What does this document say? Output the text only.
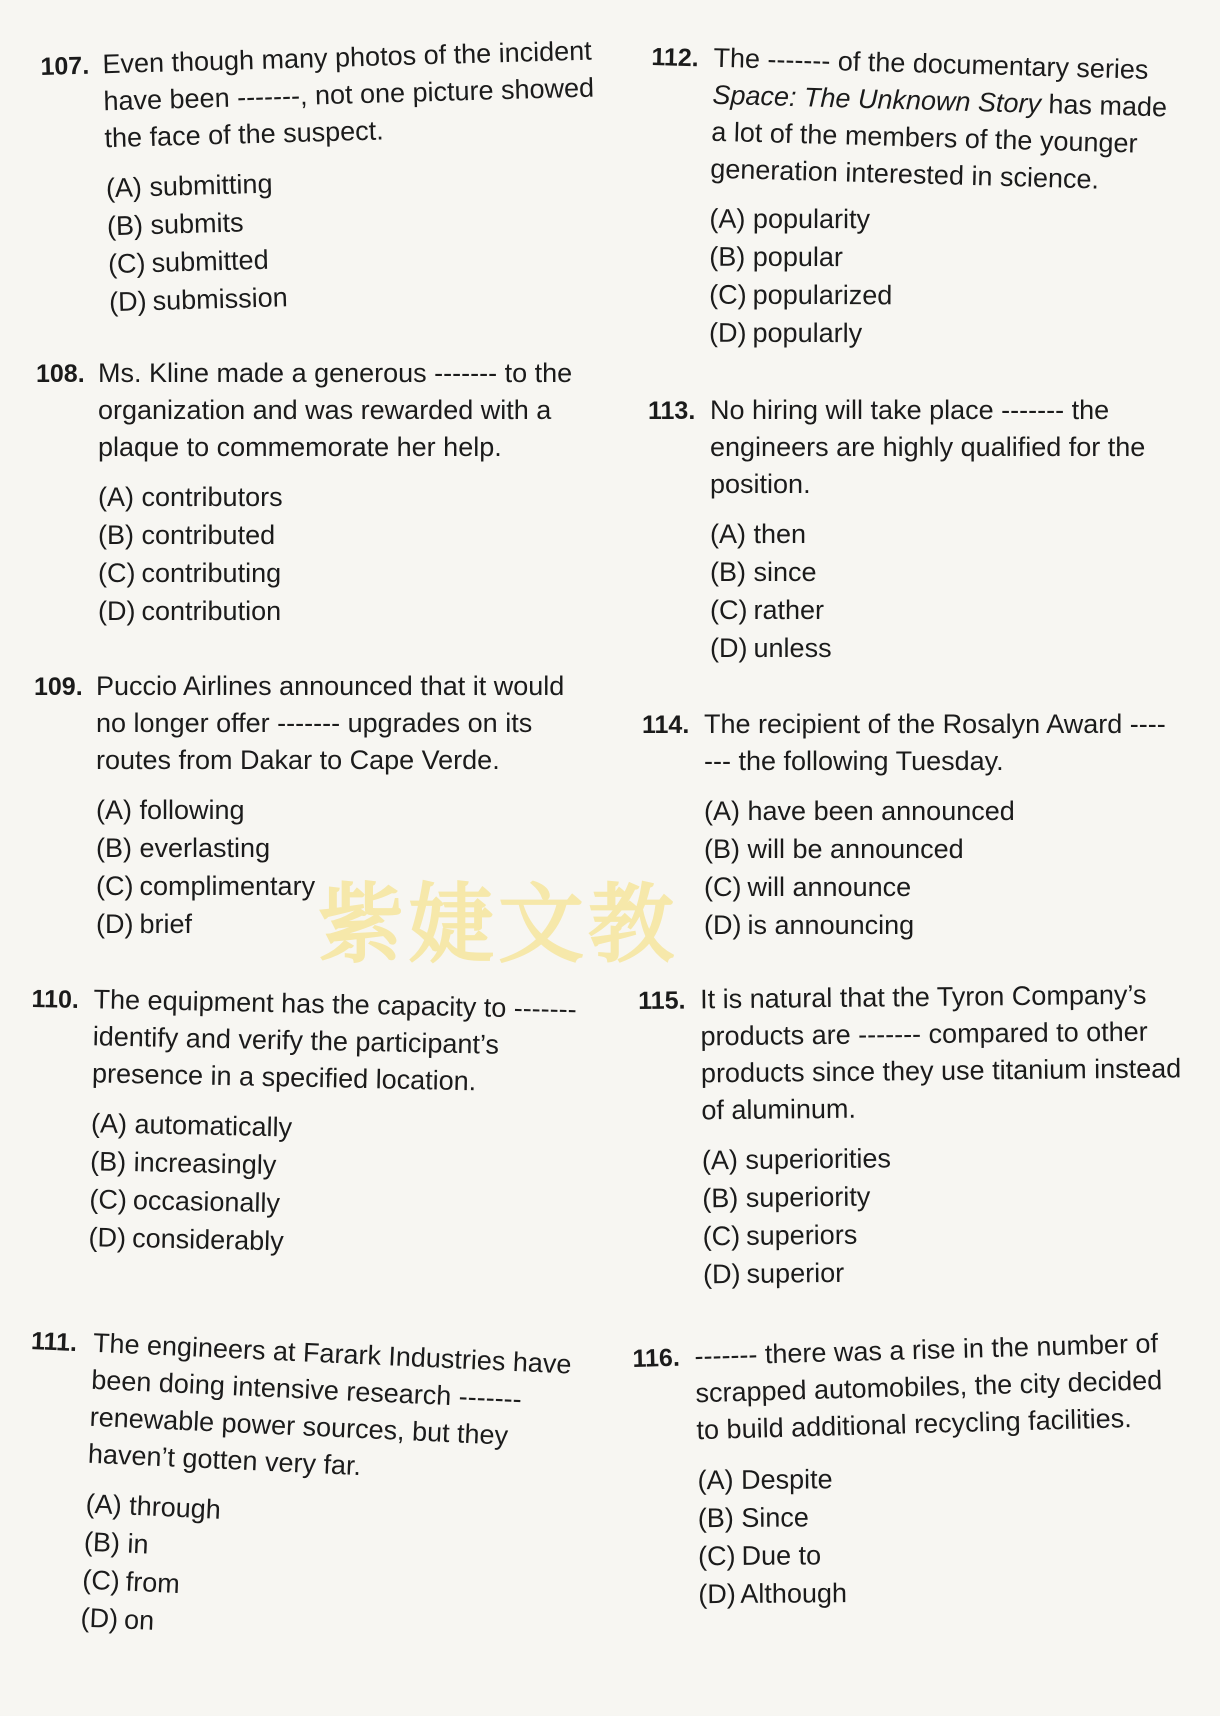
107. Even though many photos of the incident have been -------, not one picture showed the face of the suspect.
(A) submitting
(B) submits
(C) submitted
(D) submission
108. Ms. Kline made a generous ------- to the organization and was rewarded with a plaque to commemorate her help.
(A) contributors
(B) contributed
(C) contributing
(D) contribution
109. Puccio Airlines announced that it would no longer offer ------- upgrades on its routes from Dakar to Cape Verde.
(A) following
(B) everlasting
(C) complimentary
(D) brief
110. The equipment has the capacity to ------- identify and verify the participant’s presence in a specified location.
(A) automatically
(B) increasingly
(C) occasionally
(D) considerably
111. The engineers at Farark Industries have been doing intensive research ------- renewable power sources, but they haven’t gotten very far.
(A) through
(B) in
(C) from
(D) on
112. The ------- of the documentary series Space: The Unknown Story has made a lot of the members of the younger generation interested in science.
(A) popularity
(B) popular
(C) popularized
(D) popularly
113. No hiring will take place ------- the engineers are highly qualified for the position.
(A) then
(B) since
(C) rather
(D) unless
114. The recipient of the Rosalyn Award ------- the following Tuesday.
(A) have been announced
(B) will be announced
(C) will announce
(D) is announcing
115. It is natural that the Tyron Company’s products are ------- compared to other products since they use titanium instead of aluminum.
(A) superiorities
(B) superiority
(C) superiors
(D) superior
116. ------- there was a rise in the number of scrapped automobiles, the city decided to build additional recycling facilities.
(A) Despite
(B) Since
(C) Due to
(D) Although
紫婕文教
